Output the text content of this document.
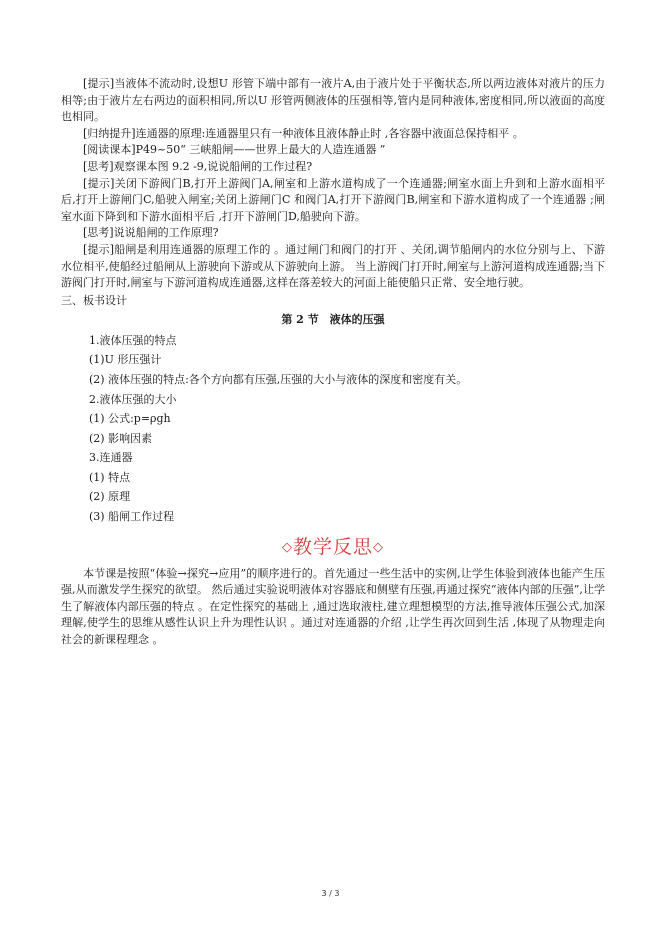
[提示]当液体不流动时,设想U 形管下端中部有一液片A,由于液片处于平衡状态,所以两边液体对液片的压力相等;由于液片左右两边的面积相同,所以U 形管两侧液体的压强相等,管内是同种液体,密度相同,所以液面的高度也相同。

[归纳提升]连通器的原理:连通器里只有一种液体且液体静止时 ,各容器中液面总保持相平 。

[阅读课本]P49~50“ 三峡船闸——世界上最大的人造连通器 ”

[思考]观察课本图 9.2 -9,说说船闸的工作过程?

[提示]关闭下游阀门B,打开上游阀门A,闸室和上游水道构成了一个连通器;闸室水面上升到和上游水面相平后,打开上游闸门C,船驶入闸室;关闭上游闸门C 和阀门A,打开下游阀门B,闸室和下游水道构成了一个连通器 ;闸室水面下降到和下游水面相平后 ,打开下游闸门D,船驶向下游。

[思考]说说船闸的工作原理?

[提示]船闸是利用连通器的原理工作的 。通过闸门和阀门的打开 、关闭,调节船闸内的水位分别与上、下游水位相平,使船经过船闸从上游驶向下游或从下游驶向上游。 当上游阀门打开时,闸室与上游河道构成连通器;当下游阀门打开时,闸室与下游河道构成连通器,这样在落差较大的河面上能使船只正常、安全地行驶。

三、板书设计

第 2 节　液体的压强

1.液体压强的特点

(1)U 形压强计

(2) 液体压强的特点:各个方向都有压强,压强的大小与液体的深度和密度有关。

2.液体压强的大小

(1) 公式:p=ρgh

(2) 影响因素

3.连通器

(1) 特点

(2) 原理

(3) 船闸工作过程

◇教学反思◇

本节课是按照“体验→探究→应用”的顺序进行的。首先通过一些生活中的实例,让学生体验到液体也能产生压强,从而激发学生探究的欲望。 然后通过实验说明液体对容器底和侧壁有压强,再通过探究“液体内部的压强”,让学生了解液体内部压强的特点 。在定性探究的基础上 ,通过选取液柱,建立理想模型的方法,推导液体压强公式,加深理解,使学生的思维从感性认识上升为理性认识 。通过对连通器的介绍 ,让学生再次回到生活 ,体现了从物理走向社会的新课程理念 。

3 / 3
